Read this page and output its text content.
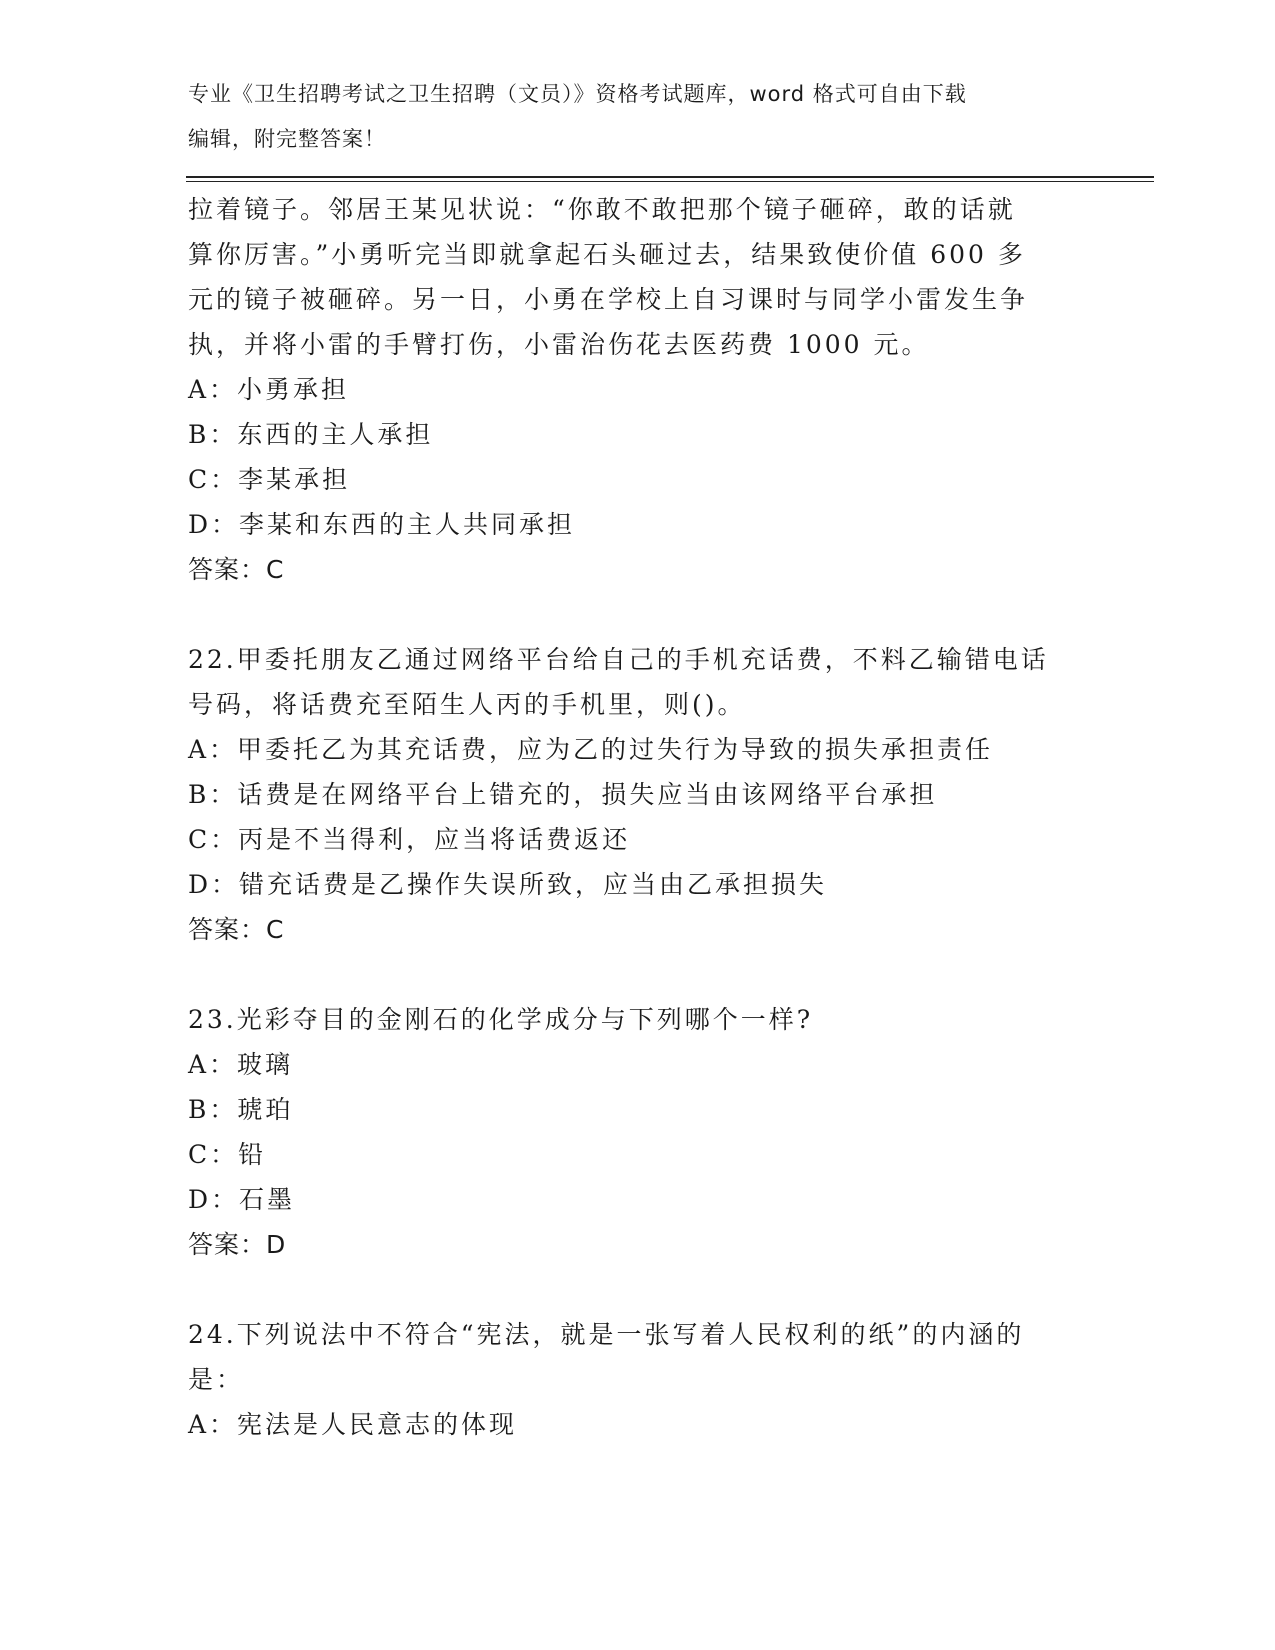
专业《卫生招聘考试之卫生招聘（文员）》资格考试题库，word 格式可自由下载
编辑，附完整答案！
拉着镜子。邻居王某见状说：“你敢不敢把那个镜子砸碎，敢的话就
算你厉害。”小勇听完当即就拿起石头砸过去，结果致使价值 600 多
元的镜子被砸碎。另一日，小勇在学校上自习课时与同学小雷发生争
执，并将小雷的手臂打伤，小雷治伤花去医药费 1000 元。
A：小勇承担
B：东西的主人承担
C：李某承担
D：李某和东西的主人共同承担
答案：C
22.甲委托朋友乙通过网络平台给自己的手机充话费，不料乙输错电话
号码，将话费充至陌生人丙的手机里，则()。
A：甲委托乙为其充话费，应为乙的过失行为导致的损失承担责任
B：话费是在网络平台上错充的，损失应当由该网络平台承担
C：丙是不当得利，应当将话费返还
D：错充话费是乙操作失误所致，应当由乙承担损失
答案：C
23.光彩夺目的金刚石的化学成分与下列哪个一样?
A：玻璃
B：琥珀
C：铅
D：石墨
答案：D
24.下列说法中不符合“宪法，就是一张写着人民权利的纸”的内涵的
是：
A：宪法是人民意志的体现
